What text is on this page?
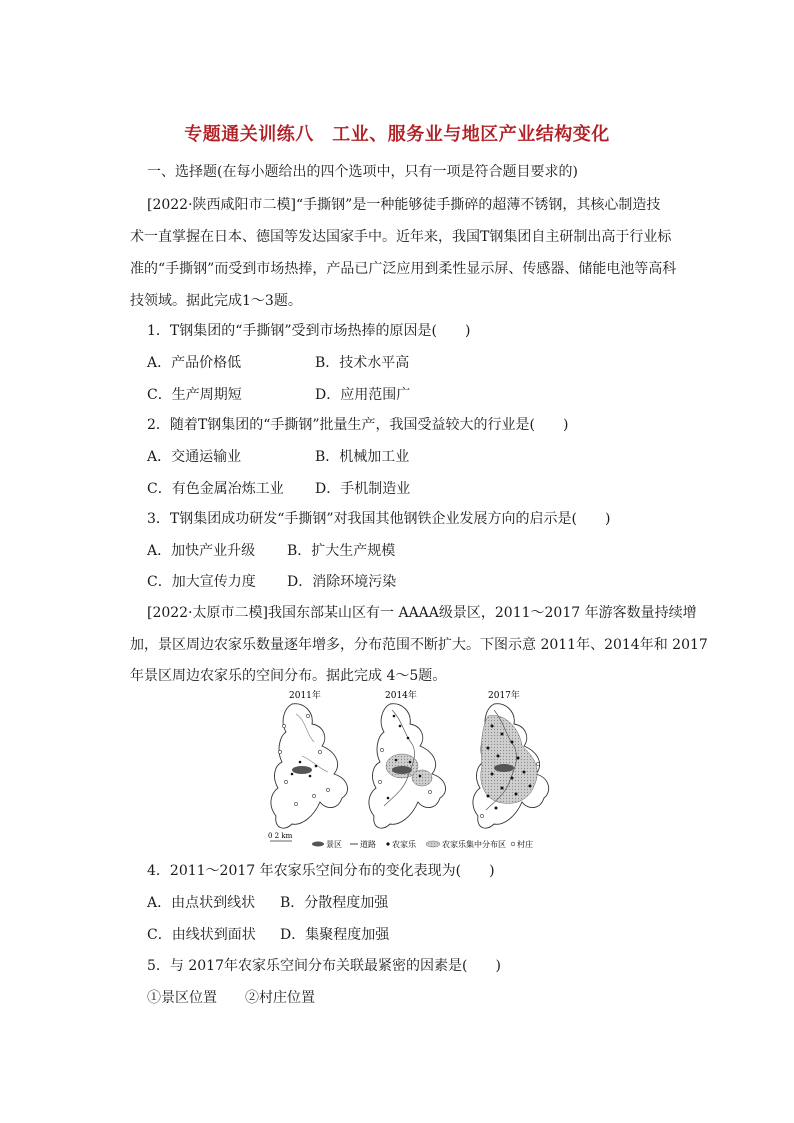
专题通关训练八　工业、服务业与地区产业结构变化
一、选择题(在每小题给出的四个选项中，只有一项是符合题目要求的)
[2022·陕西咸阳市二模]“手撕钢”是一种能够徒手撕碎的超薄不锈钢，其核心制造技
术一直掌握在日本、德国等发达国家手中。近年来，我国T钢集团自主研制出高于行业标
准的“手撕钢”而受到市场热捧，产品已广泛应用到柔性显示屏、传感器、储能电池等高科
技领域。据此完成1～3题。
1．T钢集团的“手撕钢”受到市场热捧的原因是(　　)
A．产品价格低	B．技术水平高
C．生产周期短	D．应用范围广
2．随着T钢集团的“手撕钢”批量生产，我国受益较大的行业是(　　)
A．交通运输业	B．机械加工业
C．有色金属冶炼工业 D．手机制造业
3．T钢集团成功研发“手撕钢”对我国其他钢铁企业发展方向的启示是(　　)
A．加快产业升级 B．扩大生产规模
C．加大宣传力度 D．消除环境污染
[2022·太原市二模]我国东部某山区有一 AAAA级景区，2011～2017 年游客数量持续增
加，景区周边农家乐数量逐年增多，分布范围不断扩大。下图示意 2011年、2014年和 2017
年景区周边农家乐的空间分布。据此完成 4～5题。
2011年	2014年	2017年
0 2 km
景区 道路 农家乐	农家乐集中分布区 村庄
4．2011～2017 年农家乐空间分布的变化表现为(　　)
A．由点状到线状 B．分散程度加强
C．由线状到面状 D．集聚程度加强
5．与 2017年农家乐空间分布关联最紧密的因素是(　　)
①景区位置　　②村庄位置
